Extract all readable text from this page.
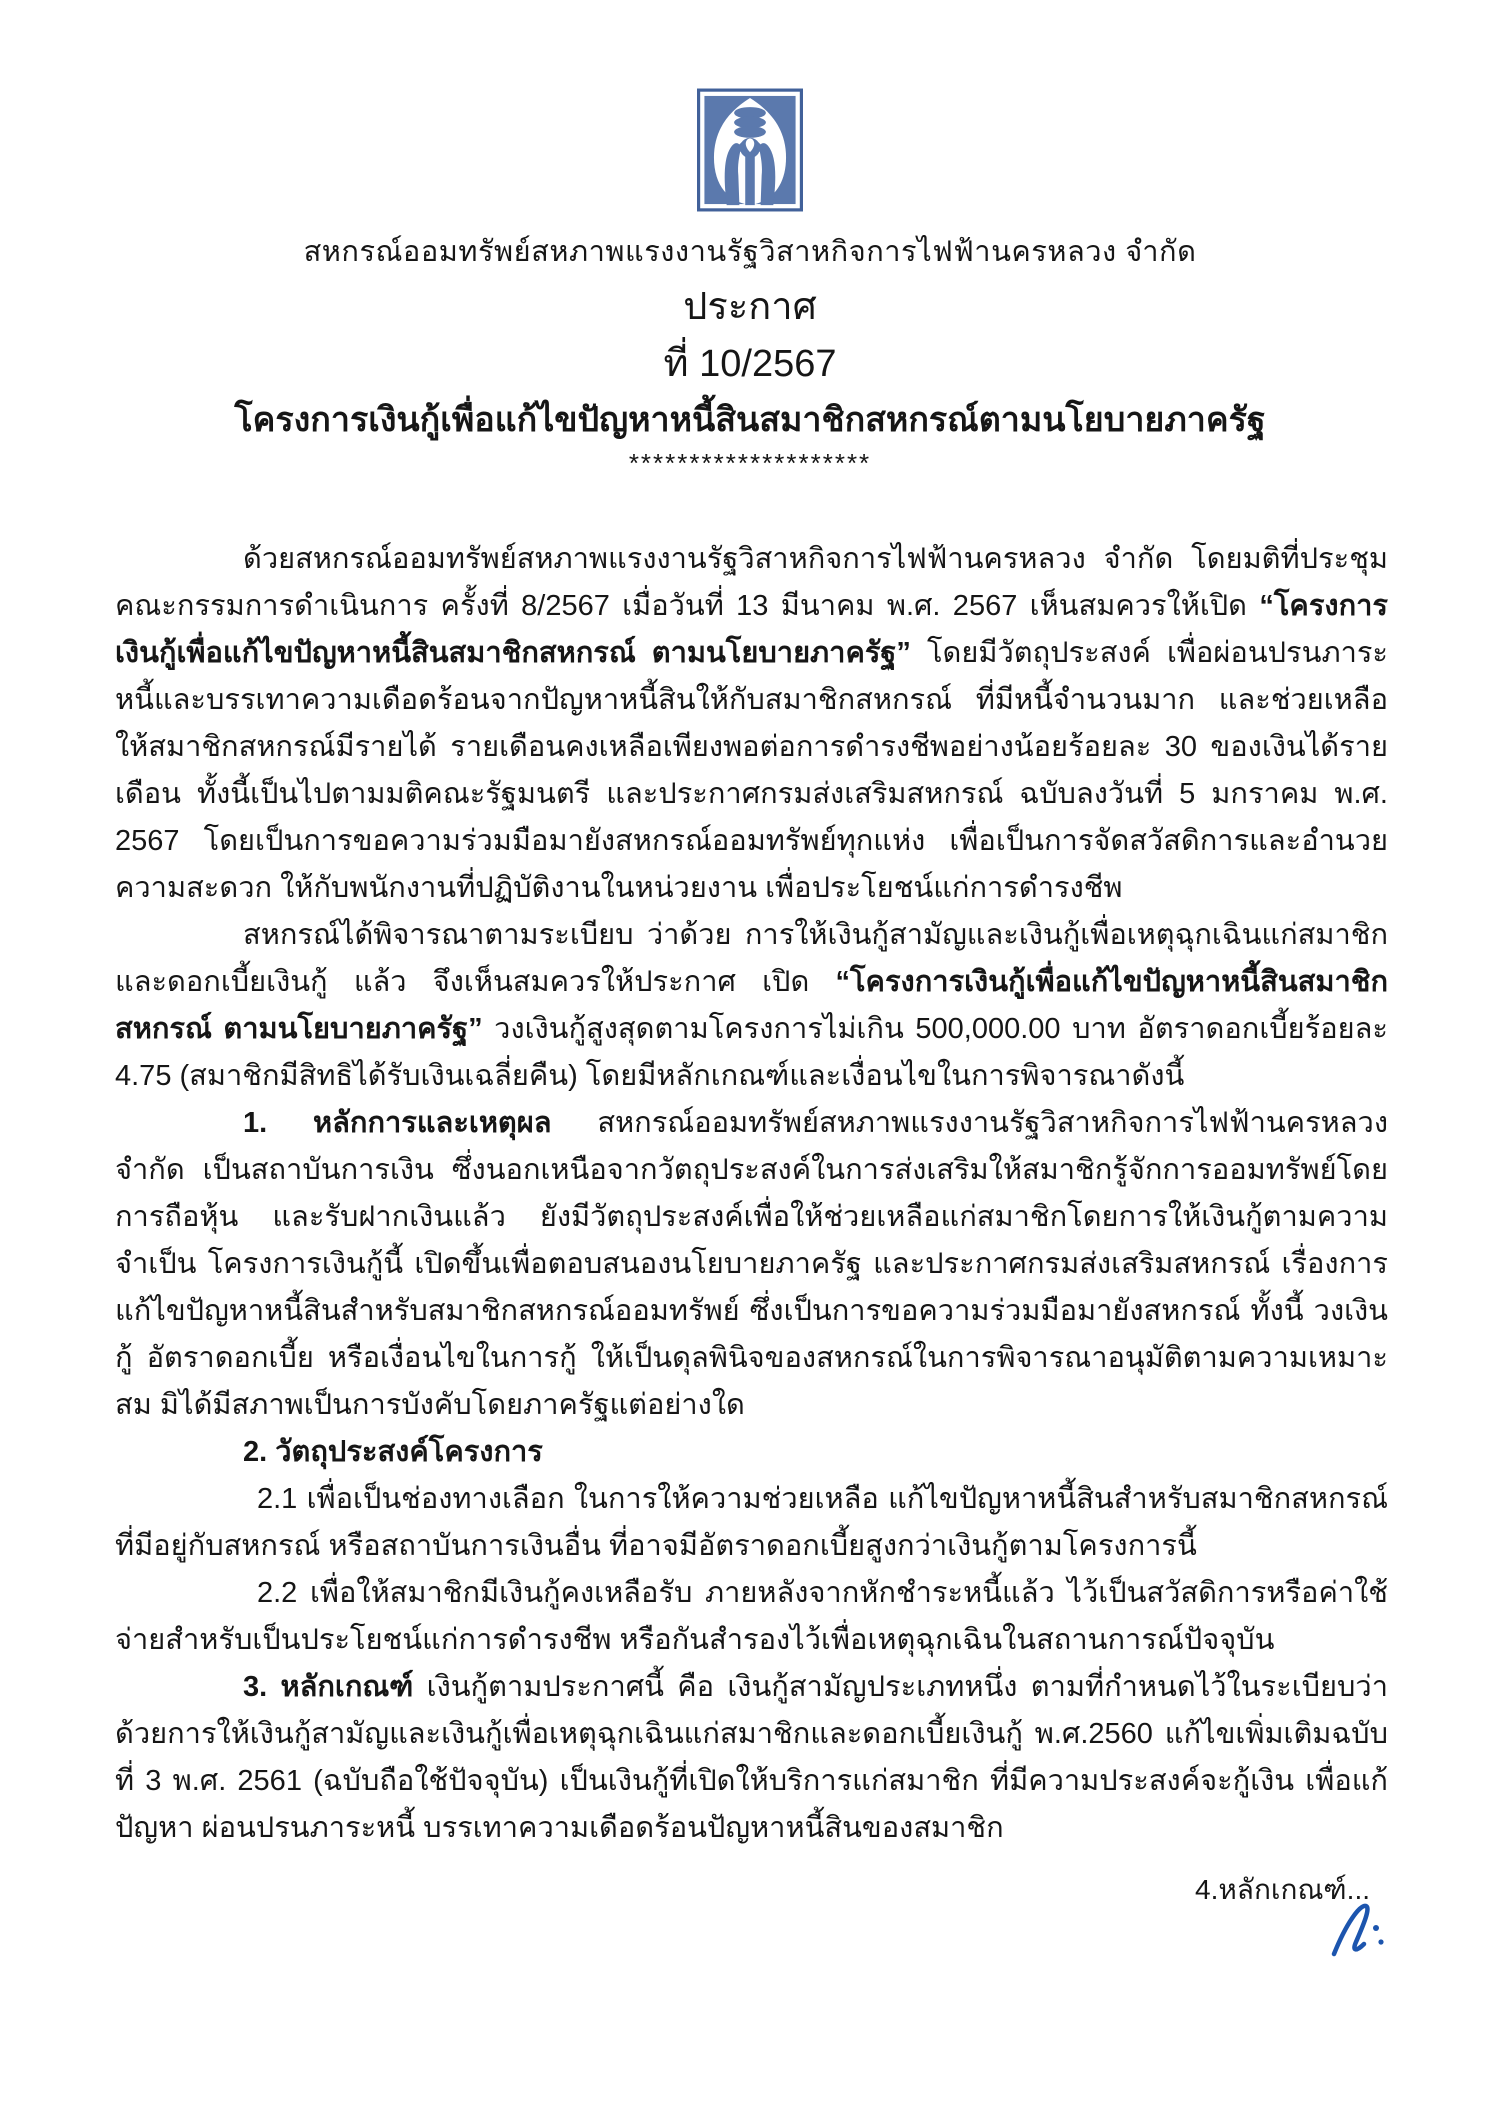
สหกรณ์ออมทรัพย์สหภาพแรงงานรัฐวิสาหกิจการไฟฟ้านครหลวง จำกัด
ประกาศ
ที่ 10/2567
โครงการเงินกู้เพื่อแก้ไขปัญหาหนี้สินสมาชิกสหกรณ์ตามนโยบายภาครัฐ
********************

ด้วยสหกรณ์ออมทรัพย์สหภาพแรงงานรัฐวิสาหกิจการไฟฟ้านครหลวง จำกัด โดยมติที่ประชุมคณะกรรมการดำเนินการ ครั้งที่ 8/2567 เมื่อวันที่ 13 มีนาคม พ.ศ. 2567 เห็นสมควรให้เปิด “โครงการเงินกู้เพื่อแก้ไขปัญหาหนี้สินสมาชิกสหกรณ์ ตามนโยบายภาครัฐ” โดยมีวัตถุประสงค์ เพื่อผ่อนปรนภาระหนี้และบรรเทาความเดือดร้อนจากปัญหาหนี้สินให้กับสมาชิกสหกรณ์ ที่มีหนี้จำนวนมาก และช่วยเหลือให้สมาชิกสหกรณ์มีรายได้ รายเดือนคงเหลือเพียงพอต่อการดำรงชีพอย่างน้อยร้อยละ 30 ของเงินได้รายเดือน ทั้งนี้เป็นไปตามมติคณะรัฐมนตรี และประกาศกรมส่งเสริมสหกรณ์ ฉบับลงวันที่ 5 มกราคม พ.ศ. 2567 โดยเป็นการขอความร่วมมือมายังสหกรณ์ออมทรัพย์ทุกแห่ง เพื่อเป็นการจัดสวัสดิการและอำนวยความสะดวก ให้กับพนักงานที่ปฏิบัติงานในหน่วยงาน เพื่อประโยชน์แก่การดำรงชีพ

สหกรณ์ได้พิจารณาตามระเบียบ ว่าด้วย การให้เงินกู้สามัญและเงินกู้เพื่อเหตุฉุกเฉินแก่สมาชิกและดอกเบี้ยเงินกู้ แล้ว จึงเห็นสมควรให้ประกาศ เปิด “โครงการเงินกู้เพื่อแก้ไขปัญหาหนี้สินสมาชิกสหกรณ์ ตามนโยบายภาครัฐ” วงเงินกู้สูงสุดตามโครงการไม่เกิน 500,000.00 บาท อัตราดอกเบี้ยร้อยละ 4.75 (สมาชิกมีสิทธิได้รับเงินเฉลี่ยคืน) โดยมีหลักเกณฑ์และเงื่อนไขในการพิจารณาดังนี้

1. หลักการและเหตุผล สหกรณ์ออมทรัพย์สหภาพแรงงานรัฐวิสาหกิจการไฟฟ้านครหลวง จำกัด เป็นสถาบันการเงิน ซึ่งนอกเหนือจากวัตถุประสงค์ในการส่งเสริมให้สมาชิกรู้จักการออมทรัพย์โดยการถือหุ้น และรับฝากเงินแล้ว ยังมีวัตถุประสงค์เพื่อให้ช่วยเหลือแก่สมาชิกโดยการให้เงินกู้ตามความจำเป็น โครงการเงินกู้นี้ เปิดขึ้นเพื่อตอบสนองนโยบายภาครัฐ และประกาศกรมส่งเสริมสหกรณ์ เรื่องการแก้ไขปัญหาหนี้สินสำหรับสมาชิกสหกรณ์ออมทรัพย์ ซึ่งเป็นการขอความร่วมมือมายังสหกรณ์ ทั้งนี้ วงเงินกู้ อัตราดอกเบี้ย หรือเงื่อนไขในการกู้ ให้เป็นดุลพินิจของสหกรณ์ในการพิจารณาอนุมัติตามความเหมาะสม มิได้มีสภาพเป็นการบังคับโดยภาครัฐแต่อย่างใด

2. วัตถุประสงค์โครงการ

2.1 เพื่อเป็นช่องทางเลือก ในการให้ความช่วยเหลือ แก้ไขปัญหาหนี้สินสำหรับสมาชิกสหกรณ์ที่มีอยู่กับสหกรณ์ หรือสถาบันการเงินอื่น ที่อาจมีอัตราดอกเบี้ยสูงกว่าเงินกู้ตามโครงการนี้

2.2 เพื่อให้สมาชิกมีเงินกู้คงเหลือรับ ภายหลังจากหักชำระหนี้แล้ว ไว้เป็นสวัสดิการหรือค่าใช้จ่ายสำหรับเป็นประโยชน์แก่การดำรงชีพ หรือกันสำรองไว้เพื่อเหตุฉุกเฉินในสถานการณ์ปัจจุบัน

3. หลักเกณฑ์ เงินกู้ตามประกาศนี้ คือ เงินกู้สามัญประเภทหนึ่ง ตามที่กำหนดไว้ในระเบียบว่าด้วยการให้เงินกู้สามัญและเงินกู้เพื่อเหตุฉุกเฉินแก่สมาชิกและดอกเบี้ยเงินกู้ พ.ศ.2560 แก้ไขเพิ่มเติมฉบับที่ 3 พ.ศ. 2561 (ฉบับถือใช้ปัจจุบัน) เป็นเงินกู้ที่เปิดให้บริการแก่สมาชิก ที่มีความประสงค์จะกู้เงิน เพื่อแก้ปัญหา ผ่อนปรนภาระหนี้ บรรเทาความเดือดร้อนปัญหาหนี้สินของสมาชิก

4.หลักเกณฑ์...
